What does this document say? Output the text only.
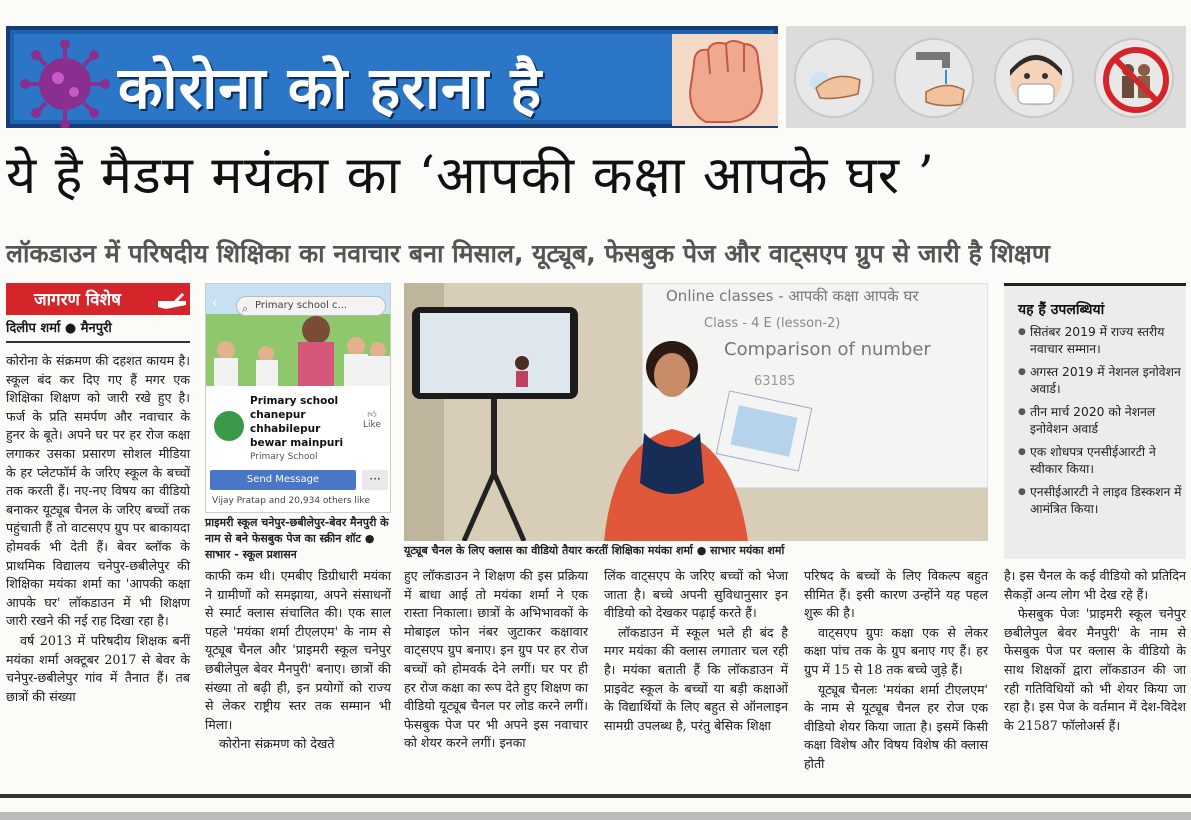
कोरोना को हराना है
ये है मैडम मयंका का ‘आपकी कक्षा आपके घर ’
लॉकडाउन में परिषदीय शिक्षिका का नवाचार बना मिसाल, यूट्यूब, फेसबुक पेज और वाट्सएप ग्रुप से जारी है शिक्षण
जागरण विशेष
दिलीप शर्मा ● मैनपुरी

कोरोना के संक्रमण की दहशत कायम है। स्कूल बंद कर दिए गए हैं मगर एक शिक्षिका शिक्षण को जारी रखे हुए है। फर्ज के प्रति समर्पण और नवाचार के हुनर के बूते। अपने घर पर हर रोज कक्षा लगाकर उसका प्रसारण सोशल मीडिया के हर प्लेटफॉर्म के जरिए स्कूल के बच्चों तक करती हैं। नए-नए विषय का वीडियो बनाकर यूट्यूब चैनल के जरिए बच्चों तक पहुंचाती हैं तो वाटसएप ग्रुप पर बाकायदा होमवर्क भी देती हैं। बेवर ब्लॉक के प्राथमिक विद्यालय चनेपुर-छबीलेपुर की शिक्षिका मयंका शर्मा का 'आपकी कक्षा आपके घर' लॉकडाउन में भी शिक्षण जारी रखने की नई राह दिखा रहा है।

वर्ष 2013 में परिषदीय शिक्षक बनीं मयंका शर्मा अक्टूबर 2017 से बेवर के चनेपुर-छबीलेपुर गांव में तैनात हैं। तब छात्रों की संख्या

‹ ⌕ Primary school c...
Primary school chanepur chhabilepur bewar mainpuri
Primary School
👍︎
Like
Send Message	···
Vijay Pratap and 20,934 others like
प्राइमरी स्कूल चनेपुर-छबीलेपुर-बेवर मैनपुरी के नाम से बने फेसबुक पेज का स्क्रीन शॉट ● साभार - स्कूल प्रशासन

काफी कम थी। एमबीए डिग्रीधारी मयंका ने ग्रामीणों को समझाया, अपने संसाधनों से स्मार्ट क्लास संचालित की। एक साल पहले 'मयंका शर्मा टीएलएम' के नाम से यूट्यूब चैनल और 'प्राइमरी स्कूल चनेपुर छबीलेपुल बेवर मैनपुरी' बनाए। छात्रों की संख्या तो बढ़ी ही, इन प्रयोगों को राज्य से लेकर राष्ट्रीय स्तर तक सम्मान भी मिला।

कोरोना संक्रमण को देखते

Online classes - आपकी कक्षा आपके घर
Class - 4 E (lesson-2)
Comparison of number
63185
यूट्यूब चैनल के लिए क्लास का वीडियो तैयार करतीं शिक्षिका मयंका शर्मा ● साभार मयंका शर्मा

हुए लॉकडाउन ने शिक्षण की इस प्रक्रिया में बाधा आई तो मयंका शर्मा ने एक रास्ता निकाला। छात्रों के अभिभावकों के मोबाइल फोन नंबर जुटाकर कक्षावार वाट्सएप ग्रुप बनाए। इन ग्रुप पर हर रोज बच्चों को होमवर्क देने लगीं। घर पर ही हर रोज कक्षा का रूप देते हुए शिक्षण का वीडियो यूट्यूब चैनल पर लोड करने लगीं। फेसबुक पेज पर भी अपने इस नवाचार को शेयर करने लगीं। इनका

लिंक वाट्सएप के जरिए बच्चों को भेजा जाता है। बच्चे अपनी सुविधानुसार इन वीडियो को देखकर पढ़ाई करते हैं।

लॉकडाउन में स्कूल भले ही बंद है मगर मयंका की क्लास लगातार चल रही है। मयंका बताती हैं कि लॉकडाउन में प्राइवेट स्कूल के बच्चों या बड़ी कक्षाओं के विद्यार्थियों के लिए बहुत से ऑनलाइन सामग्री उपलब्ध है, परंतु बेसिक शिक्षा

परिषद के बच्चों के लिए विकल्प बहुत सीमित हैं। इसी कारण उन्होंने यह पहल शुरू की है।

वाट्सएप ग्रुपः कक्षा एक से लेकर कक्षा पांच तक के ग्रुप बनाए गए हैं। हर ग्रुप में 15 से 18 तक बच्चे जुड़े हैं।

यूट्यूब चैनलः 'मयंका शर्मा टीएलएम' के नाम से यूट्यूब चैनल हर रोज एक वीडियो शेयर किया जाता है। इसमें किसी कक्षा विशेष और विषय विशेष की क्लास होती

यह हैं उपलब्धियां
● सितंबर 2019 में राज्य स्तरीय नवाचार सम्मान।
● अगस्त 2019 में नेशनल इनोवेशन अवार्ड।
● तीन मार्च 2020 को नेशनल इनोवेशन अवार्ड
● एक शोधपत्र एनसीईआरटी ने स्वीकार किया।
● एनसीईआरटी ने लाइव डिस्कशन में आमंत्रित किया।

है। इस चैनल के कई वीडियो को प्रतिदिन सैकड़ों अन्य लोग भी देख रहे हैं।

फेसबुक पेजः 'प्राइमरी स्कूल चनेपुर छबीलेपुल बेवर मैनपुरी' के नाम से फेसबुक पेज पर क्लास के वीडियो के साथ शिक्षकों द्वारा लॉकडाउन की जा रही गतिविधियों को भी शेयर किया जा रहा है। इस पेज के वर्तमान में देश-विदेश के 21587 फॉलोअर्स हैं।
